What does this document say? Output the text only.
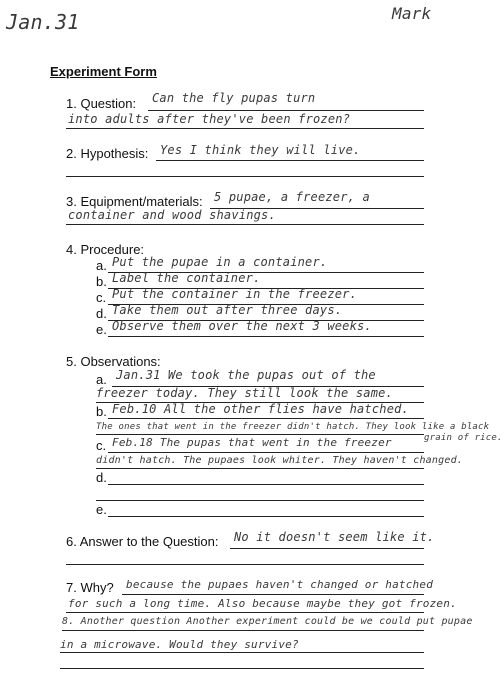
Jan.31	Mark
Experiment Form
1. Question: Can the fly pupas turn
into adults after they've been frozen?
2. Hypothesis: Yes I think they will live.
3. Equipment/materials: 5 pupae, a freezer, a
container and wood shavings.
4. Procedure:
a. Put the pupae in a container.
b. Label the container.
c. Put the container in the freezer.
d. Take them out after three days.
e. Observe them over the next 3 weeks.
5. Observations:
a. Jan.31 We took the pupas out of the
freezer today. They still look the same.
b. Feb.10 All the other flies have hatched.
The ones that went in the freezer didn't hatch. They look like a black
grain of rice.
c. Feb.18 The pupas that went in the freezer
didn't hatch. The pupaes look whiter. They haven't changed.
d.
e.
6. Answer to the Question: No it doesn't seem like it.
7. Why? because the pupaes haven't changed or hatched
for such a long time. Also because maybe they got frozen.
8. Another question Another experiment could be we could put pupae
in a microwave. Would they survive?
